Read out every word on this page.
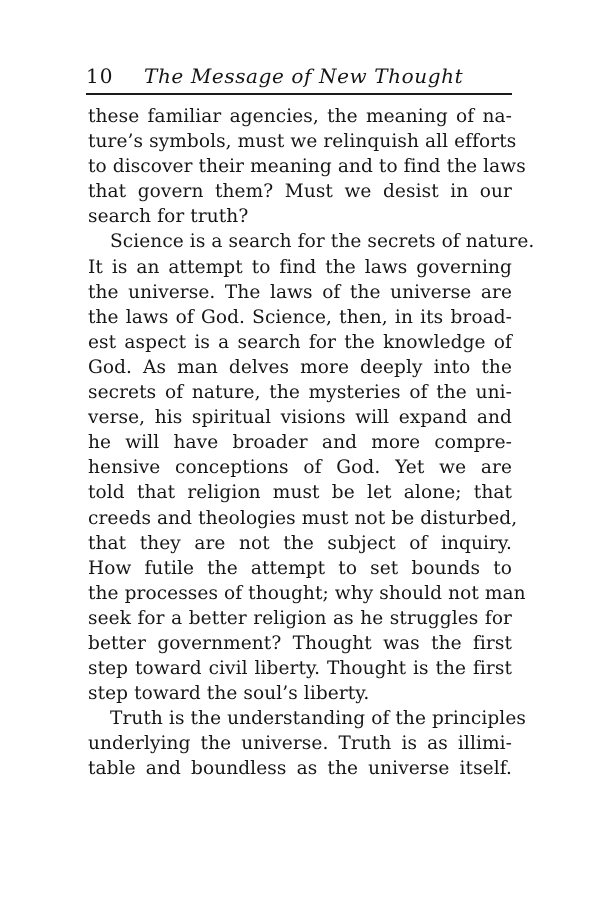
10 The Message of New Thought
these familiar agencies, the meaning of na-
ture’s symbols, must we relinquish all efforts
to discover their meaning and to find the laws
that govern them? Must we desist in our
search for truth?
Science is a search for the secrets of nature.
It is an attempt to find the laws governing
the universe. The laws of the universe are
the laws of God. Science, then, in its broad-
est aspect is a search for the knowledge of
God. As man delves more deeply into the
secrets of nature, the mysteries of the uni-
verse, his spiritual visions will expand and
he will have broader and more compre-
hensive conceptions of God. Yet we are
told that religion must be let alone; that
creeds and theologies must not be disturbed,
that they are not the subject of inquiry.
How futile the attempt to set bounds to
the processes of thought; why should not man
seek for a better religion as he struggles for
better government? Thought was the first
step toward civil liberty. Thought is the first
step toward the soul’s liberty.
Truth is the understanding of the principles
underlying the universe. Truth is as illimi-
table and boundless as the universe itself.
